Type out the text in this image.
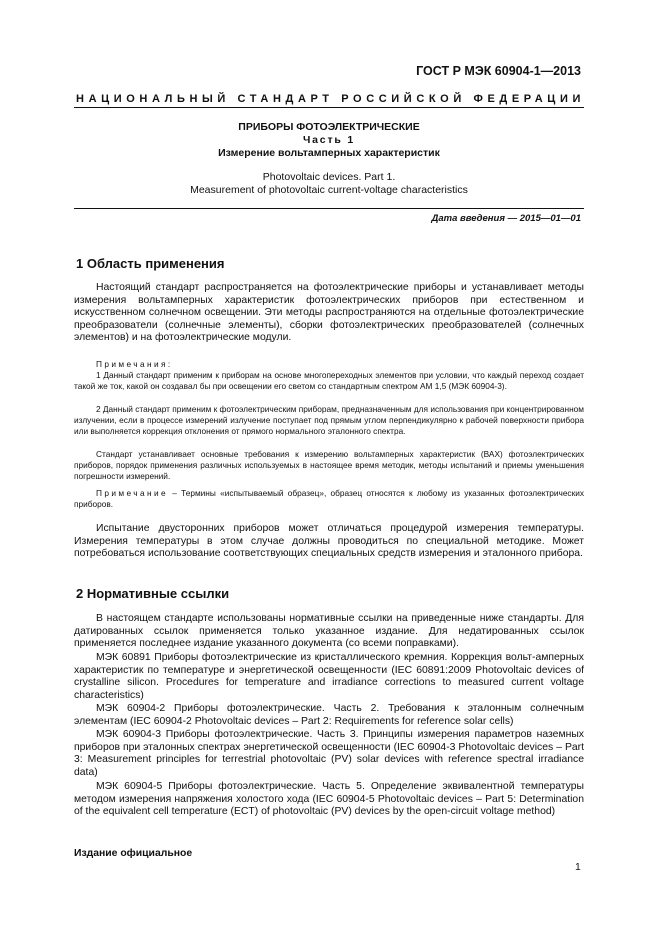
ГОСТ Р МЭК 60904-1—2013
НАЦИОНАЛЬНЫЙ СТАНДАРТ РОССИЙСКОЙ ФЕДЕРАЦИИ
ПРИБОРЫ ФОТОЭЛЕКТРИЧЕСКИЕ
Часть 1
Измерение вольтамперных характеристик
Photovoltaic devices. Part 1.
Measurement of photovoltaic current-voltage characteristics
Дата введения — 2015—01—01
1 Область применения
Настоящий стандарт распространяется на фотоэлектрические приборы и устанавливает методы измерения вольтамперных характеристик фотоэлектрических приборов при естественном и искусственном солнечном освещении. Эти методы распространяются на отдельные фотоэлектрические преобразователи (солнечные элементы), сборки фотоэлектрических преобразователей (солнечных элементов) и на фотоэлектрические модули.
Примечания:
1 Данный стандарт применим к приборам на основе многопереходных элементов при условии, что каждый переход создает такой же ток, какой он создавал бы при освещении его светом со стандартным спектром AM 1,5 (МЭК 60904-3).
2 Данный стандарт применим к фотоэлектрическим приборам, предназначенным для использования при концентрированном излучении, если в процессе измерений излучение поступает под прямым углом перпендикулярно к рабочей поверхности прибора или выполняется коррекция отклонения от прямого нормального эталонного спектра.
Стандарт устанавливает основные требования к измерению вольтамперных характеристик (ВАХ) фотоэлектрических приборов, порядок применения различных используемых в настоящее время методик, методы испытаний и приемы уменьшения погрешности измерений.
Примечание – Термины «испытываемый образец», образец относятся к любому из указанных фотоэлектрических приборов.
Испытание двусторонних приборов может отличаться процедурой измерения температуры. Измерения температуры в этом случае должны проводиться по специальной методике. Может потребоваться использование соответствующих специальных средств измерения и эталонного прибора.
2 Нормативные ссылки
В настоящем стандарте использованы нормативные ссылки на приведенные ниже стандарты. Для датированных ссылок применяется только указанное издание. Для недатированных ссылок применяется последнее издание указанного документа (со всеми поправками).
МЭК 60891 Приборы фотоэлектрические из кристаллического кремния. Коррекция вольт-амперных характеристик по температуре и энергетической освещенности (IEC 60891:2009 Photovoltaic devices of crystalline silicon. Procedures for temperature and irradiance corrections to measured current voltage characteristics)
МЭК 60904-2 Приборы фотоэлектрические. Часть 2. Требования к эталонным солнечным элементам (IEC 60904-2 Photovoltaic devices – Part 2: Requirements for reference solar cells)
МЭК 60904-3 Приборы фотоэлектрические. Часть 3. Принципы измерения параметров наземных приборов при эталонных спектрах энергетической освещенности (IEC 60904-3 Photovoltaic devices – Part 3: Measurement principles for terrestrial photovoltaic (PV) solar devices with reference spectral irradiance data)
МЭК 60904-5 Приборы фотоэлектрические. Часть 5. Определение эквивалентной температуры методом измерения напряжения холостого хода (IEC 60904-5 Photovoltaic devices – Part 5: Determination of the equivalent cell temperature (ECT) of photovoltaic (PV) devices by the open-circuit voltage method)
Издание официальное
1
